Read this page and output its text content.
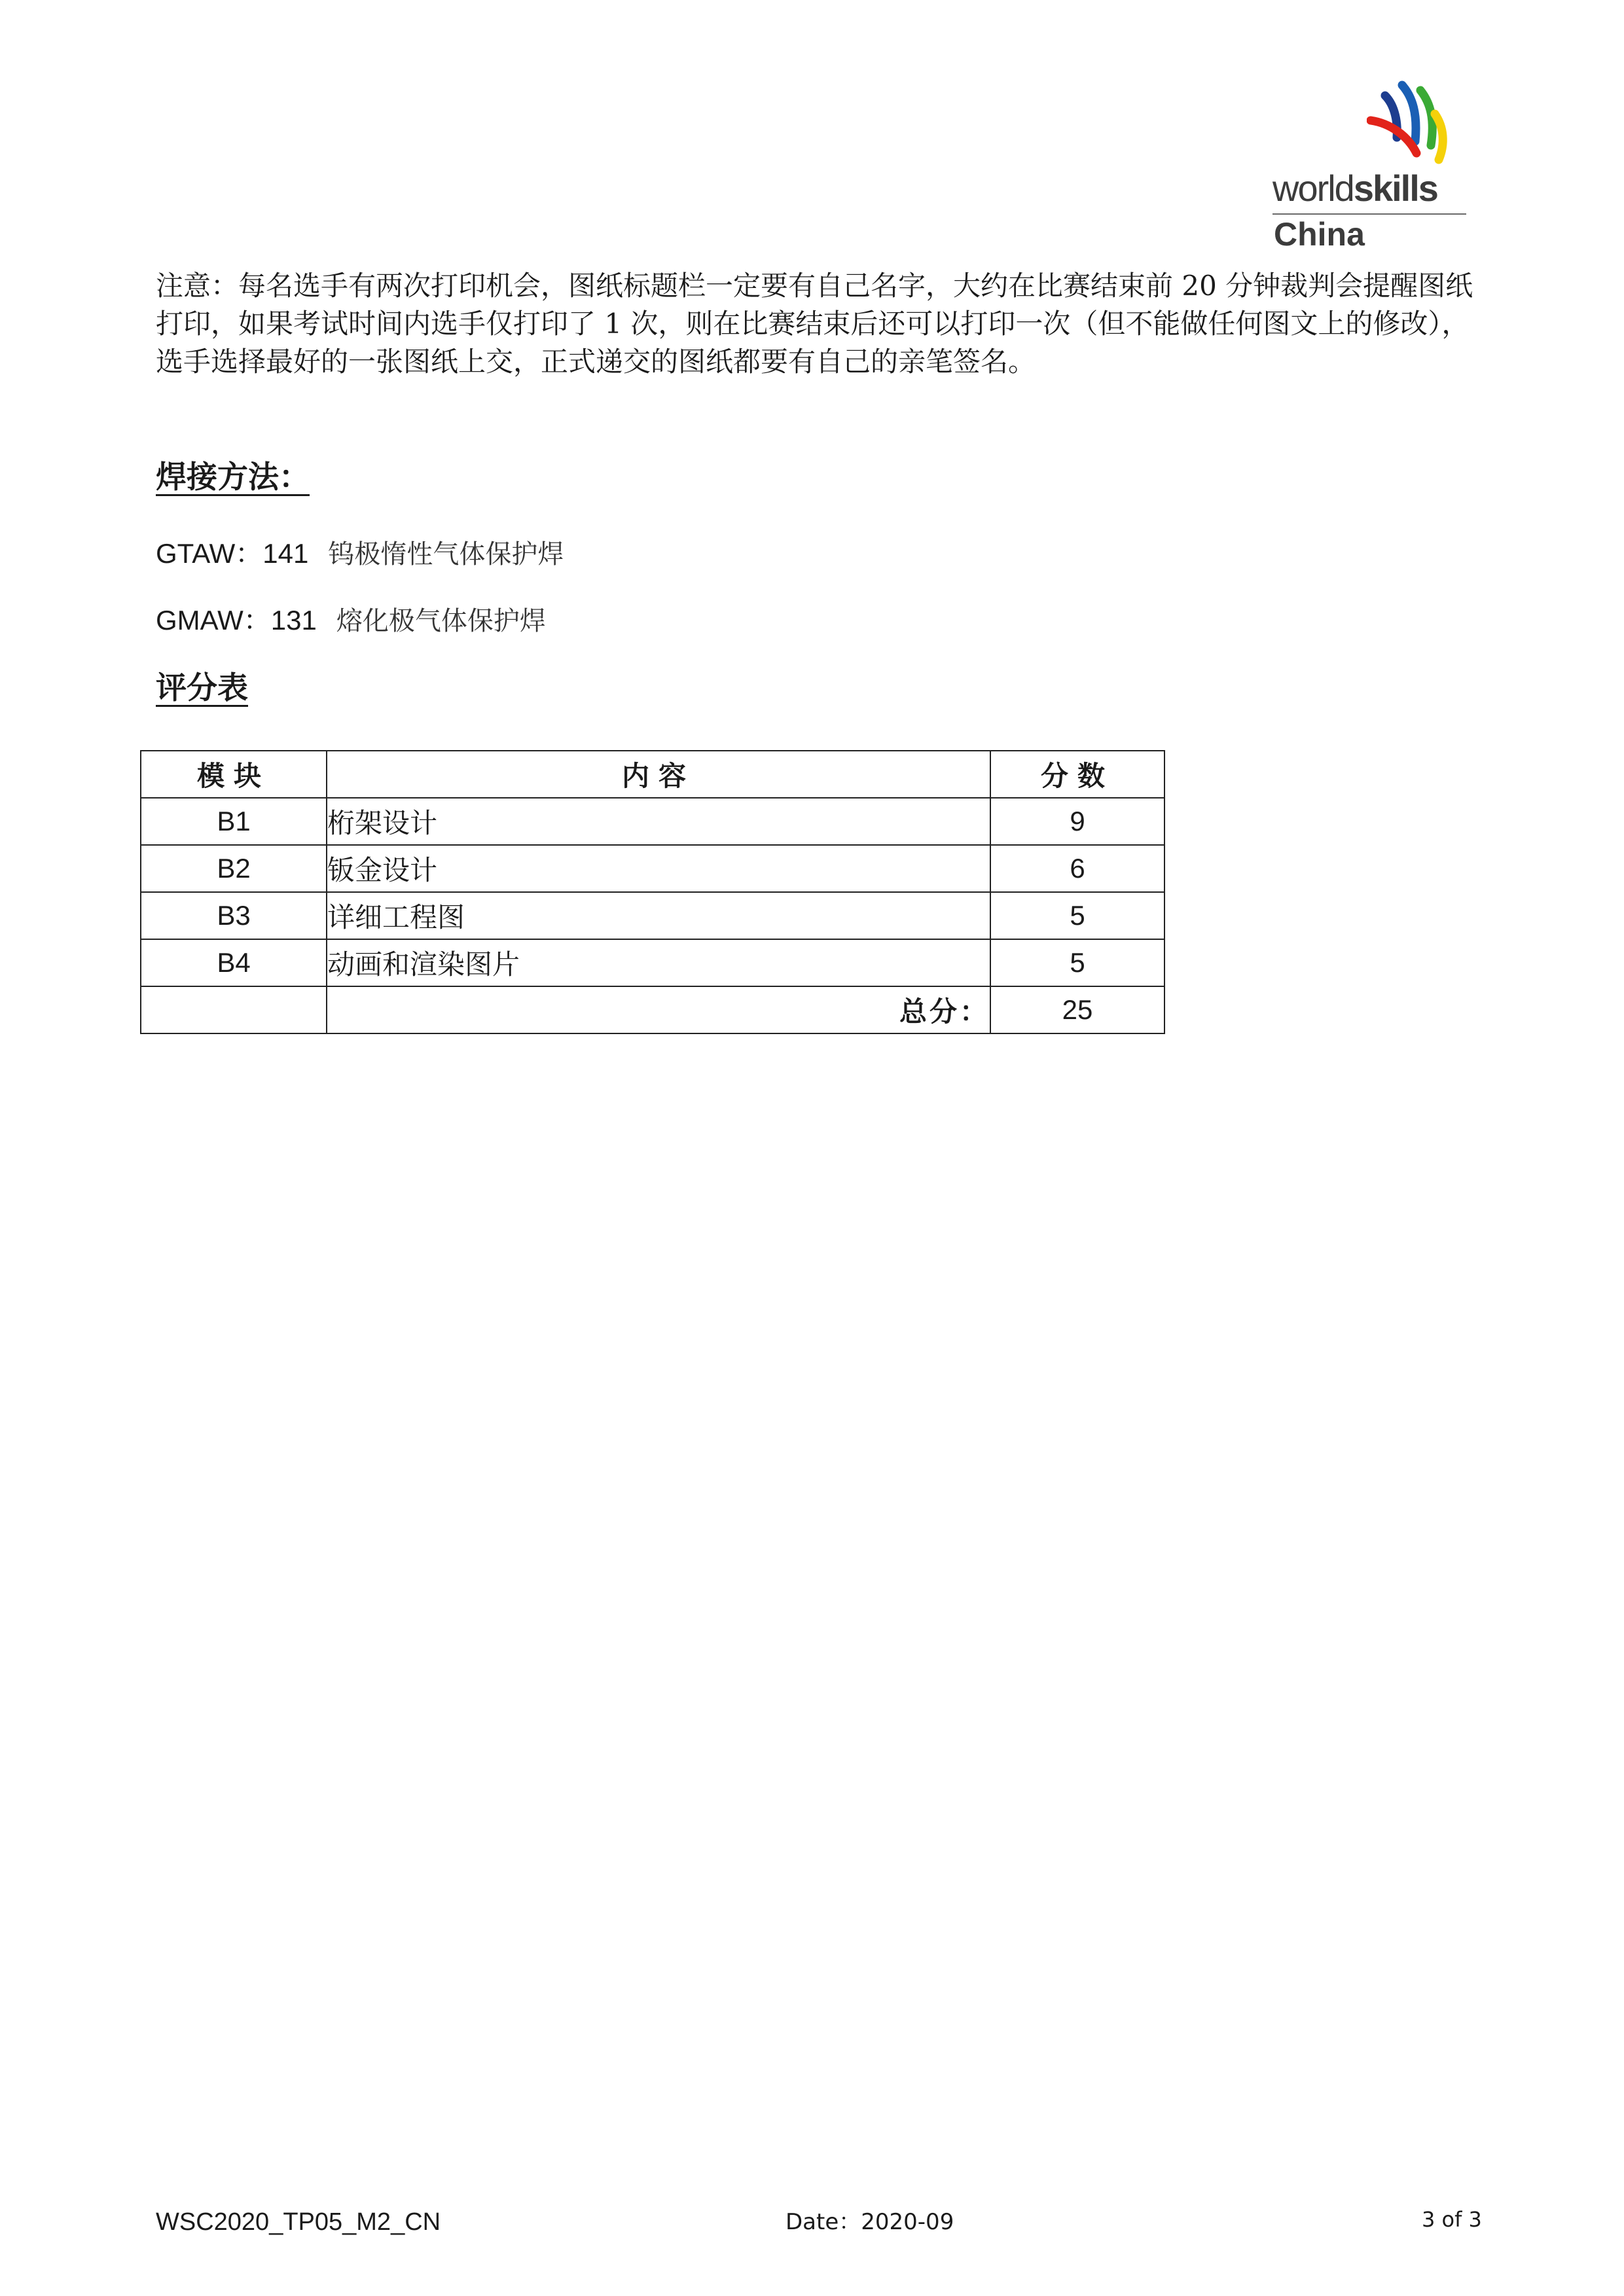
worldskills
China

注意：每名选手有两次打印机会，图纸标题栏一定要有自己名字，大约在比赛结束前 20 分钟裁判会提醒图纸打印，如果考试时间内选手仅打印了 1 次，则在比赛结束后还可以打印一次（但不能做任何图文上的修改），选手选择最好的一张图纸上交，正式递交的图纸都要有自己的亲笔签名。

焊接方法：
GTAW：141 钨极惰性气体保护焊
GMAW：131 熔化极气体保护焊
评分表
模块	内容	分数
B1	桁架设计	9
B2	钣金设计	6
B3	详细工程图	5
B4	动画和渲染图片	5
	总分：	25
WSC2020_TP05_M2_CN	Date：2020-09	3 of 3
